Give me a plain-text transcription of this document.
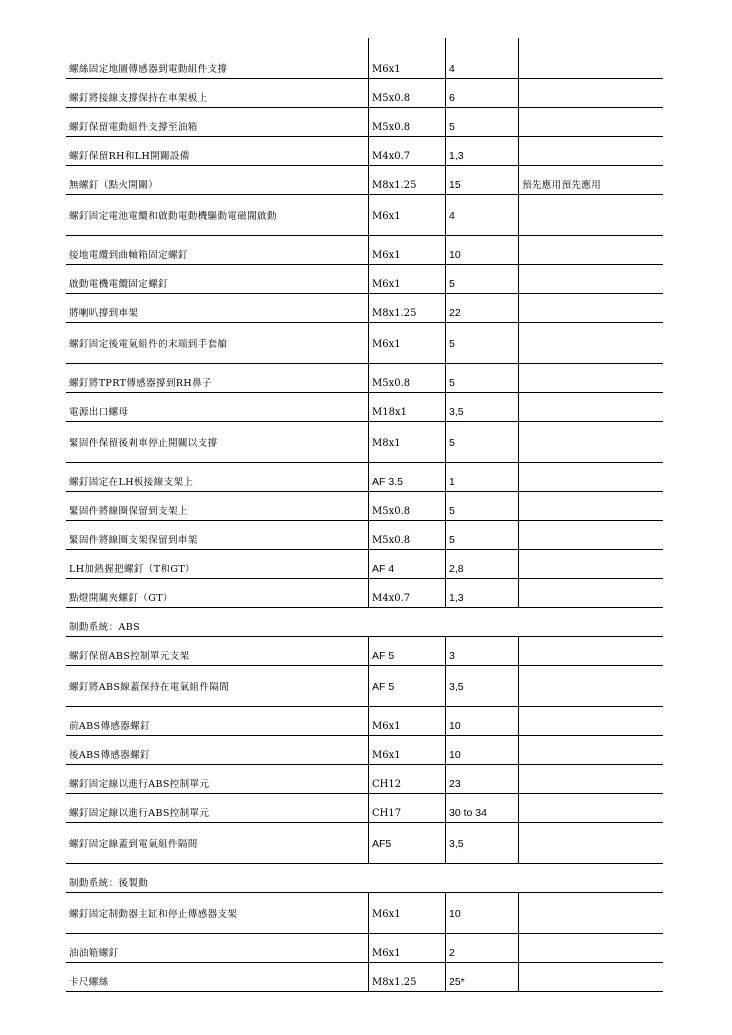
螺絲固定地圖傳感器到電動組件支撐	M6x1	4
螺釘將接線支撐保持在車架板上	M5x0.8	6
螺釘保留電動組件支撐至油箱	M5x0.8	5
螺釘保留RH和LH開關設備	M4x0.7	1,3
無螺釘（點火開關）	M8x1.25	15	預先應用預先應用
螺釘固定電池電纜和啟動電動機驅動電磁閥啟動	M6x1	4
接地電纜到曲軸箱固定螺釘	M6x1	10
啟動電機電纜固定螺釘	M6x1	5
將喇叭撐到車架	M8x1.25	22
螺釘固定後電氣組件的末端到手套艙	M6x1	5
螺釘將TPRT傳感器撐到RH鼻子	M5x0.8	5
電源出口螺母	M18x1	3,5
緊固件保留後剎車停止開關以支撐	M8x1	5
螺釘固定在LH板接線支架上	AF 3.5	1
緊固件將線圈保留到支架上	M5x0.8	5
緊固件將線圈支架保留到車架	M5x0.8	5
LH加熱握把螺釘（T和GT）	AF 4	2,8
點燈開關夾螺釘（GT）	M4x0.7	1,3
制動系統：ABS
螺釘保留ABS控制單元支架	AF 5	3
螺釘將ABS線蓋保持在電氣組件隔間	AF 5	3,5
前ABS傳感器螺釘	M6x1	10
後ABS傳感器螺釘	M6x1	10
螺釘固定線以進行ABS控制單元	CH12	23
螺釘固定線以進行ABS控制單元	CH17	30 to 34
螺釘固定線蓋到電氣組件隔間	AF5	3,5
制動系統：後製動
螺釘固定制動器主缸和停止傳感器支架	M6x1	10
油油箱螺釘	M6x1	2
卡尺螺絲	M8x1.25	25*
